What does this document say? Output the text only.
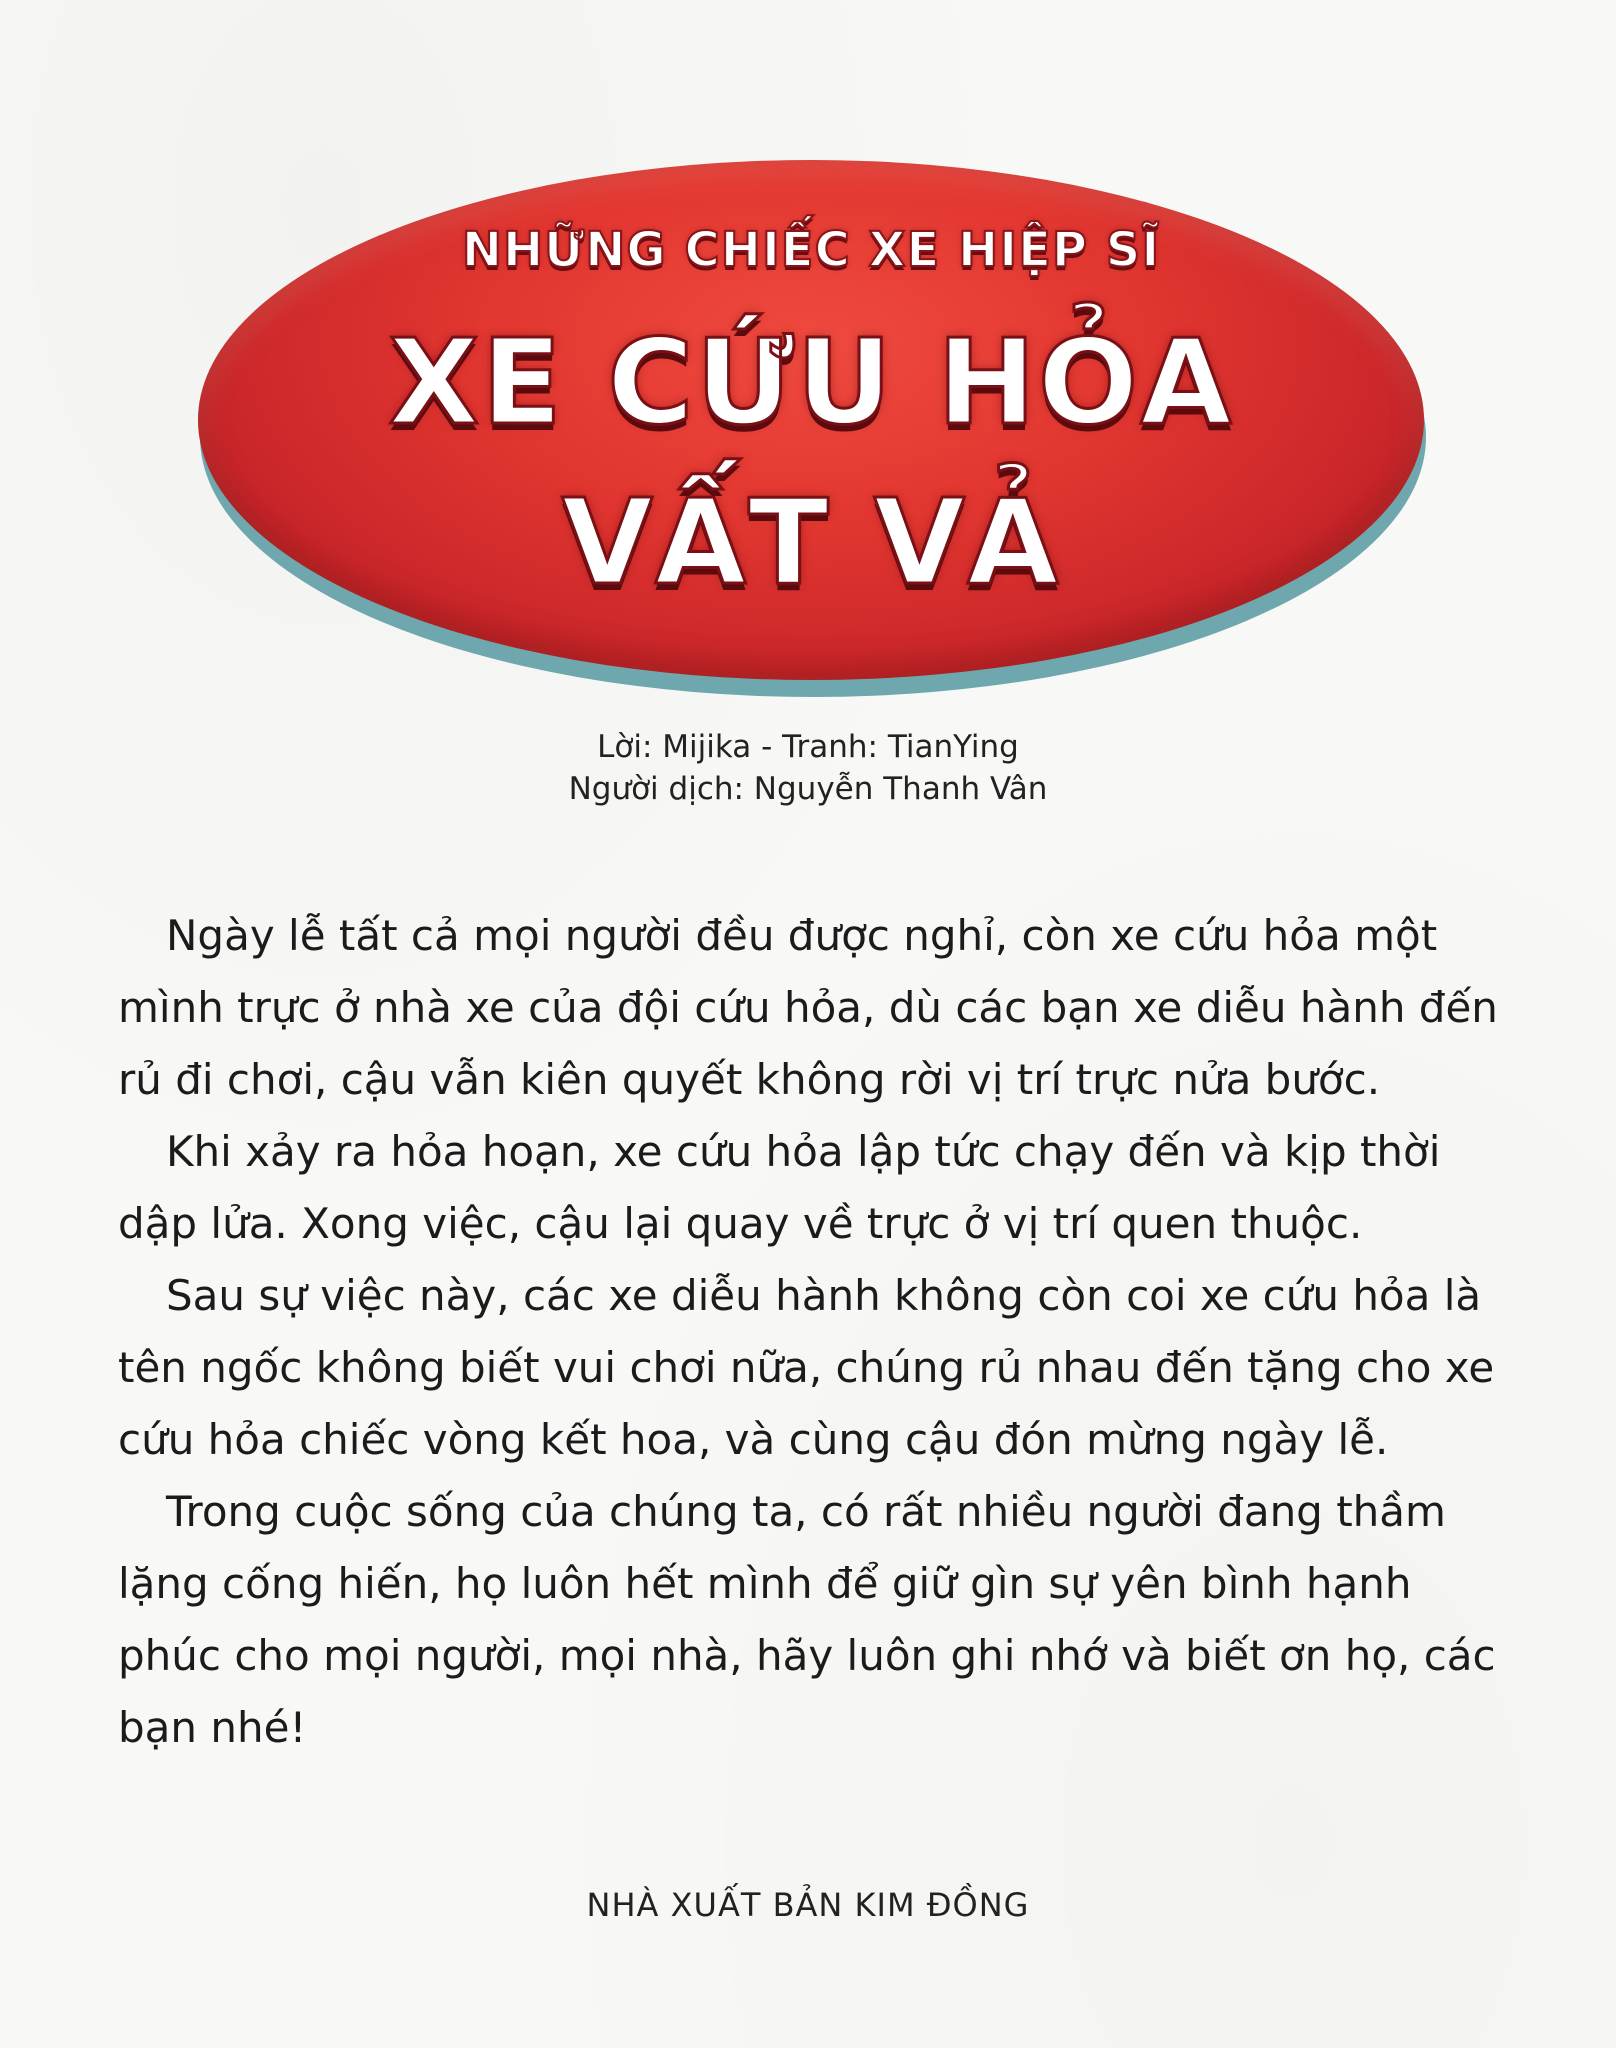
NHỮNG CHIẾC XE HIỆP SĨ
XE CỨU HỎA
VẤT VẢ
Lời: Mijika - Tranh: TianYing
Người dịch: Nguyễn Thanh Vân

Ngày lễ tất cả mọi người đều được nghỉ, còn xe cứu hỏa một mình trực ở nhà xe của đội cứu hỏa, dù các bạn xe diễu hành đến rủ đi chơi, cậu vẫn kiên quyết không rời vị trí trực nửa bước.

Khi xảy ra hỏa hoạn, xe cứu hỏa lập tức chạy đến và kịp thời dập lửa. Xong việc, cậu lại quay về trực ở vị trí quen thuộc.

Sau sự việc này, các xe diễu hành không còn coi xe cứu hỏa là tên ngốc không biết vui chơi nữa, chúng rủ nhau đến tặng cho xe cứu hỏa chiếc vòng kết hoa, và cùng cậu đón mừng ngày lễ.

Trong cuộc sống của chúng ta, có rất nhiều người đang thầm lặng cống hiến, họ luôn hết mình để giữ gìn sự yên bình hạnh phúc cho mọi người, mọi nhà, hãy luôn ghi nhớ và biết ơn họ, các bạn nhé!

NHÀ XUẤT BẢN KIM ĐỒNG
